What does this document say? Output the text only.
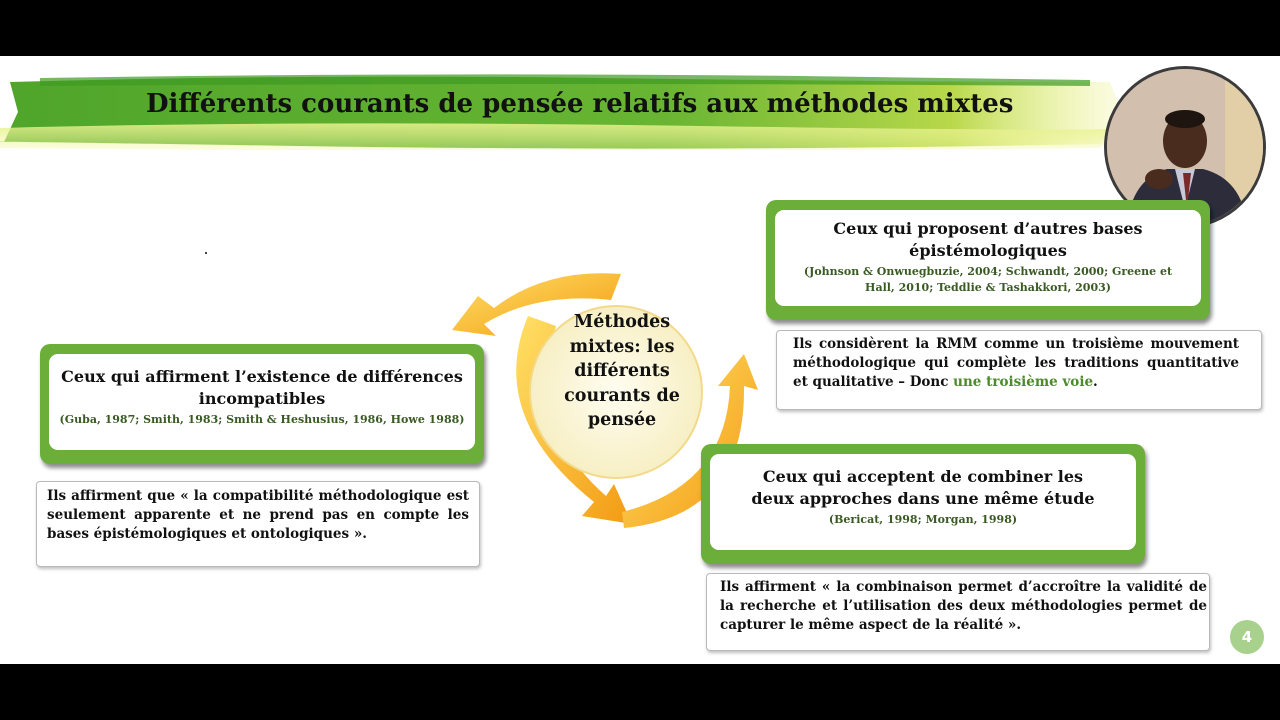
Différents courants de pensée relatifs aux méthodes mixtes
Méthodes mixtes: les différents courants de pensée
Ceux qui affirment l’existence de différences incompatibles
(Guba, 1987; Smith, 1983; Smith & Heshusius, 1986, Howe 1988)
Ils affirment que « la compatibilité méthodologique est seulement apparente et ne prend pas en compte les bases épistémologiques et ontologiques ».
Ceux qui proposent d’autres bases épistémologiques
(Johnson & Onwuegbuzie, 2004; Schwandt, 2000; Greene et Hall, 2010; Teddlie & Tashakkori, 2003)
Ils considèrent la RMM comme un troisième mouvement méthodologique qui complète les traditions quantitative et qualitative – Donc une troisième voie.
Ceux qui acceptent de combiner les deux approches dans une même étude
(Bericat, 1998; Morgan, 1998)
Ils affirment « la combinaison permet d’accroître la validité de la recherche et l’utilisation des deux méthodologies permet de capturer le même aspect de la réalité ».
4
